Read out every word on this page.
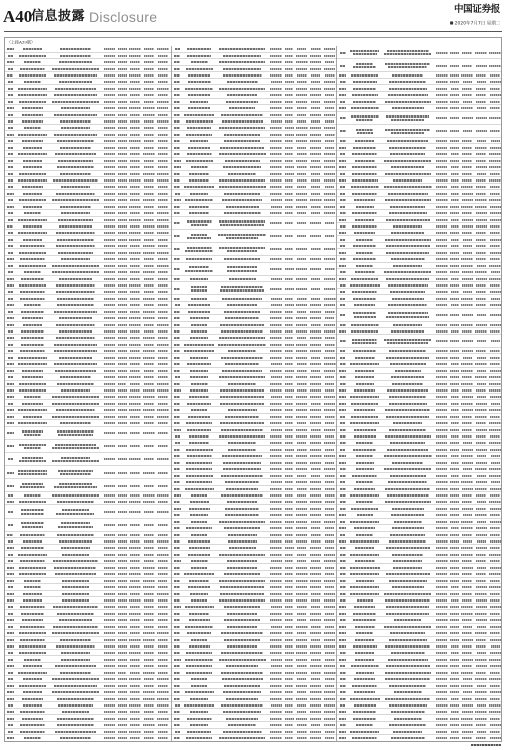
A40
信息披露 Disclosure	中国证券报
2020年7月7日 星期二
（上接A39版）
